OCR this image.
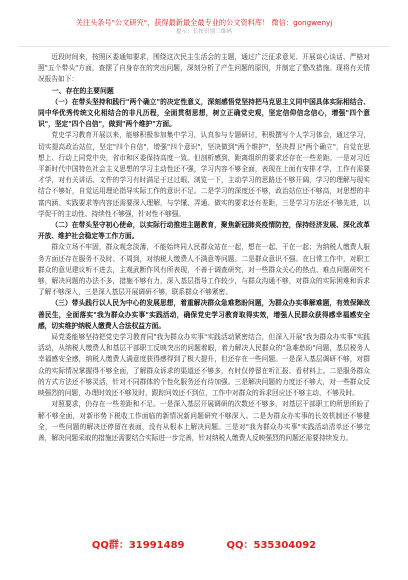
关注头条号"公文研究"，获得最新最全最专业的公文资料库！ 微信：gongwenyj
提示：长按识别二维码

近段时间来，按照区委通知要求，围绕这次民主生活会的主题，通过广泛征求意见、开展谈心谈话、严格对照"五个带头"方面，查摆了自身存在的突出问题，深刻分析了产生问题的原因，并制定了整改措施。现将有关情况报告如下：

一、存在的主要问题

（一）在带头坚持和践行"两个确立"的决定性意义，深刻感悟党坚持把马克思主义同中国具体实际相结合、同中华优秀传统文化相结合的非凡历程，全面贯彻思想，树立正确党史观，坚定信仰信念信心，增强"四个意识"，坚定"四个自信"，做到"两个维护"方面。

党史学习教育开展以来，能够积极参加集中学习，认真参与专题研讨，积极撰写个人学习体会，通过学习，切实提高政治站位，坚定"四个自信"，增强"四个意识"，坚决做到"两个维护"，坚决捍卫"两个确立"，自觉在思想上、行动上同党中央，省市和区委保持高度一致。但剖析感到，距离组织的要求还存在一些差距。一是对习近平新时代中国特色社会主义思想的学习主动性还不强，学习内容不够全面，表现在上面有安排才学，工作有需要才学，对有关讲话、文件的学习有时满足于过过眼、浏览一下，主动学习的思路还不够开阔，学习的理解与现实结合不够好，自觉运用理论指导实际工作的意识不足。二是学习的深度还不够，政治站位还不够高，对思想的丰富内涵、实践要求等内容还需要深入理解，与学懂、弄通、做实的要求还有差距，三是学习方法还不够先进，以学促干的主动性、持续性不够强，针对性不够强。

（二）在带头坚守初心使命，以实际行动推进主题教育，聚焦新冠肺炎疫情防控，保持经济发展、深化改革开放、维护社会稳定等工作方面。

群众立场不牢固，群众观念淡薄，不能始终同人民群众站在一起，想在一起、干在一起；为纳税人缴费人服务方面还存在服务不及时、不周到，对纳税人缴费人不满意等问题。二是群众意识不强。在日常工作中，对职工群众的意见建议听不进去，主观武断作风有所表现，不善于调查研究，对一些群众关心的热点、难点问题研究不够，解决问题的办法不多，措施不够有力，深入基层指导工作较少，与群众沟通不够，对群众的实际困难和诉求了解不够深入，三是深入基层开展调研不够，联系群众不够紧密。

（三）带头践行以人民为中心的发展思想，着重解决群众急难愁盼问题，为群众办实事解难题，有效保障改善民生，全面落实"我为群众办实事"实践活动，确保党史学习教育取得实效，增强人民群众获得感幸福感安全感，切实维护纳税人缴费人合法权益方面。

局党委能够坚持把党史学习教育同"我为群众办实事"实践活动紧密结合，但深入开展"我为群众办实事"实践活动，从纳税人缴费人和基层干部职工反映突出的问题着眼，着力解决人民群众的"急难愁盼"问题，基层税务人幸福感安全感，纳税人缴费人满意度获得感得到了极大提升，但还存在一些问题。一是深入基层调研不够，对群众的实际情况掌握得不够全面，了解群众诉求的渠道还不够多，有时仅停留在听汇报、看材料上。二是服务群众的方式方法还不够灵活，针对不同群体的个性化服务还有待加强。三是解决问题的力度还不够大，对一些群众反映强烈的问题，办理时效还不够及时，跟踪问效还不到位，工作中对群众的诉求回应还不够主动、不够及时。

对照要求，仍存在一些差距和不足。一是深入基层开展调研的次数还不够多，对基层干部职工的所思所盼了解不够全面，对新形势下税收工作面临的新情况新问题研究不够深入。二是为群众办实事的长效机制还不够健全，一些问题的解决还停留在表面，没有从根本上解决问题。三是对"我为群众办实事"实践活动清单还不够完善，解决问题采取的措施还需要结合实际进一步完善，针对纳税人缴费人反映强烈的问题还需要持续发力。

QQ群：31991489	QQ：535304092
